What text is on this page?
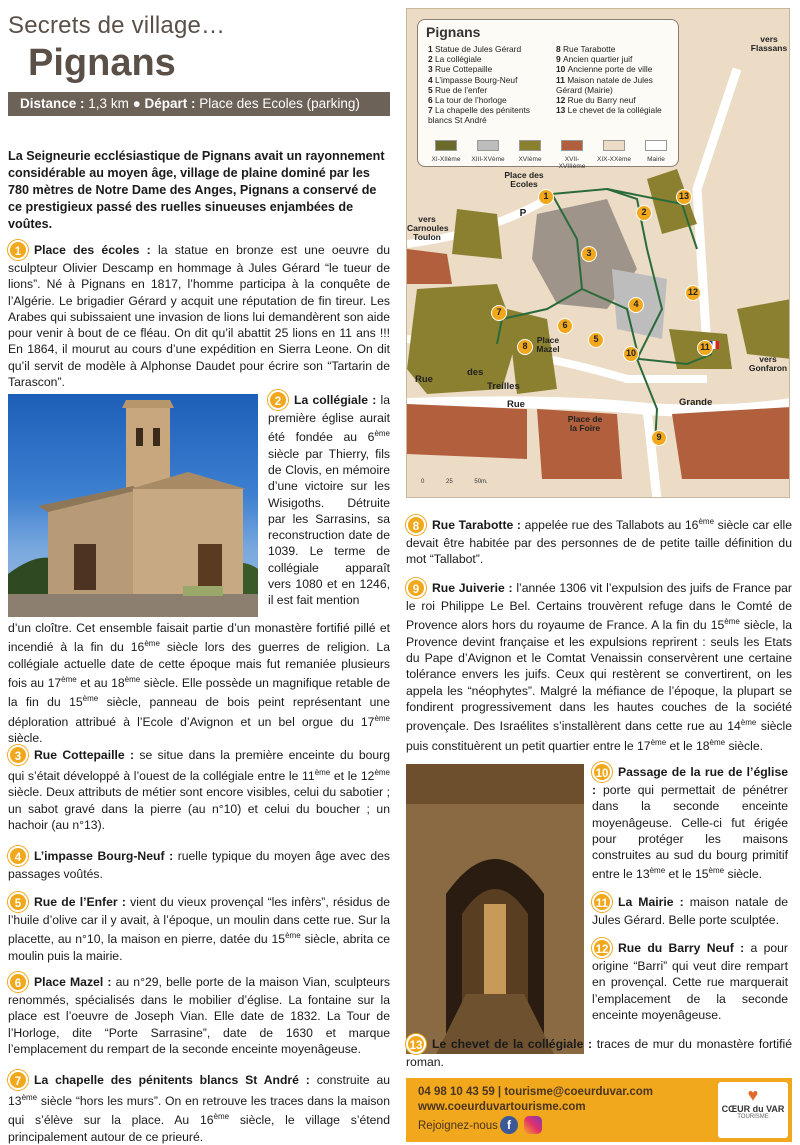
Secrets de village…
Pignans
Distance : 1,3 km ● Départ : Place des Ecoles (parking)
La Seigneurie ecclésiastique de Pignans avait un rayonnement considérable au moyen âge, village de plaine dominé par les 780 mètres de Notre Dame des Anges, Pignans a conservé de ce prestigieux passé des ruelles sinueuses enjambées de voûtes.
1 Place des écoles : la statue en bronze est une oeuvre du sculpteur Olivier Descamp en hommage à Jules Gérard “le tueur de lions”. Né à Pignans en 1817, l’homme participa à la conquête de l’Algérie. Le brigadier Gérard y acquit une réputation de fin tireur. Les Arabes qui subissaient une invasion de lions lui demandèrent son aide pour venir à bout de ce fléau. On dit qu’il abattit 25 lions en 11 ans !!! En 1864, il mourut au cours d’une expédition en Sierra Leone. On dit qu’il servit de modèle à Alphonse Daudet pour écrire son “Tartarin de Tarascon”.
2 La collégiale : la première église aurait été fondée au 6ème siècle par Thierry, fils de Clovis, en mémoire d’une victoire sur les Wisigoths. Détruite par les Sarrasins, sa reconstruction date de 1039. Le terme de collégiale apparaît vers 1080 et en 1246, il est fait mention
d’un cloître. Cet ensemble faisait partie d’un monastère fortifié pillé et incendié à la fin du 16ème siècle lors des guerres de religion. La collégiale actuelle date de cette époque mais fut remaniée plusieurs fois au 17ème et au 18ème siècle. Elle possède un magnifique retable de la fin du 15ème siècle, panneau de bois peint représentant une déploration attribué à l’Ecole d’Avignon et un bel orgue du 17ème siècle.
3 Rue Cottepaille : se situe dans la première enceinte du bourg qui s’était développé à l’ouest de la collégiale entre le 11ème et le 12ème siècle. Deux attributs de métier sont encore visibles, celui du sabotier ; un sabot gravé dans la pierre (au n°10) et celui du boucher ; un hachoir (au n°13).
4 L’impasse Bourg-Neuf : ruelle typique du moyen âge avec des passages voûtés.
5 Rue de l’Enfer : vient du vieux provençal “les infèrs”, résidus de l’huile d’olive car il y avait, à l’époque, un moulin dans cette rue. Sur la placette, au n°10, la maison en pierre, datée du 15ème siècle, abrita ce moulin puis la mairie.
6 Place Mazel : au n°29, belle porte de la maison Vian, sculpteurs renommés, spécialisés dans le mobilier d’église. La fontaine sur la place est l’oeuvre de Joseph Vian. Elle date de 1832. La Tour de l’Horloge, dite “Porte Sarrasine”, date de 1630 et marque l’emplacement du rempart de la seconde enceinte moyenâgeuse.
7 La chapelle des pénitents blancs St André : construite au 13ème siècle “hors les murs”. On en retrouve les traces dans la maison qui s’élève sur la place. Au 16ème siècle, le village s’étend principalement autour de ce prieuré.
Pignans
1 Statue de Jules Gérard
2 La collégiale
3 Rue Cottepaille
4 L’impasse Bourg-Neuf
5 Rue de l’enfer
6 La tour de l’horloge
7 La chapelle des pénitents blancs St André
8 Rue Tarabotte
9 Ancien quartier juif
10 Ancienne porte de ville
11 Maison natale de Jules Gérard (Mairie)
12 Rue du Barry neuf
13 Le chevet de la collégiale
XI-XIIème	XIII-XVème	XVIème	XVII-XVIIIème
XIX-XXème	Mairie
vers Flassans
vers Carnoules Toulon
Place des Ecoles
P
Place Mazel
Rue
des
Treilles
Rue	Grande
Place de la Foire
vers Gonfaron
0	25	50m.
1
2
3
4
5
6
7
8
9
10
11
12
13
8 Rue Tarabotte : appelée rue des Tallabots au 16ème siècle car elle devait être habitée par des personnes de de petite taille définition du mot “Tallabot”.
9 Rue Juiverie : l’année 1306 vit l’expulsion des juifs de France par le roi Philippe Le Bel. Certains trouvèrent refuge dans le Comté de Provence alors hors du royaume de France. A la fin du 15ème siècle, la Provence devint française et les expulsions reprirent : seuls les Etats du Pape d’Avignon et le Comtat Venaissin conservèrent une certaine tolérance envers les juifs. Ceux qui restèrent se convertirent, on les appela les “néophytes”. Malgré la méfiance de l’époque, la plupart se fondirent progressivement dans les hautes couches de la société provençale. Des Israélites s’installèrent dans cette rue au 14ème siècle puis constituèrent un petit quartier entre le 17ème et le 18ème siècle.
10 Passage de la rue de l’église : porte qui permettait de pénétrer dans la seconde enceinte moyenâgeuse. Celle-ci fut érigée pour protéger les maisons construites au sud du bourg primitif entre le 13ème et le 15ème siècle.
11 La Mairie : maison natale de Jules Gérard. Belle porte sculptée.
12 Rue du Barry Neuf : a pour origine “Barri” qui veut dire rempart en provençal. Cette rue marquerait l’emplacement de la seconde enceinte moyenâgeuse.
13 Le chevet de la collégiale : traces de mur du monastère fortifié roman.
04 98 10 43 59 | tourisme@coeurduvar.com
www.coeurduvartourisme.com
Rejoignez-nous f
♥
CŒUR du VAR
TOURISME
